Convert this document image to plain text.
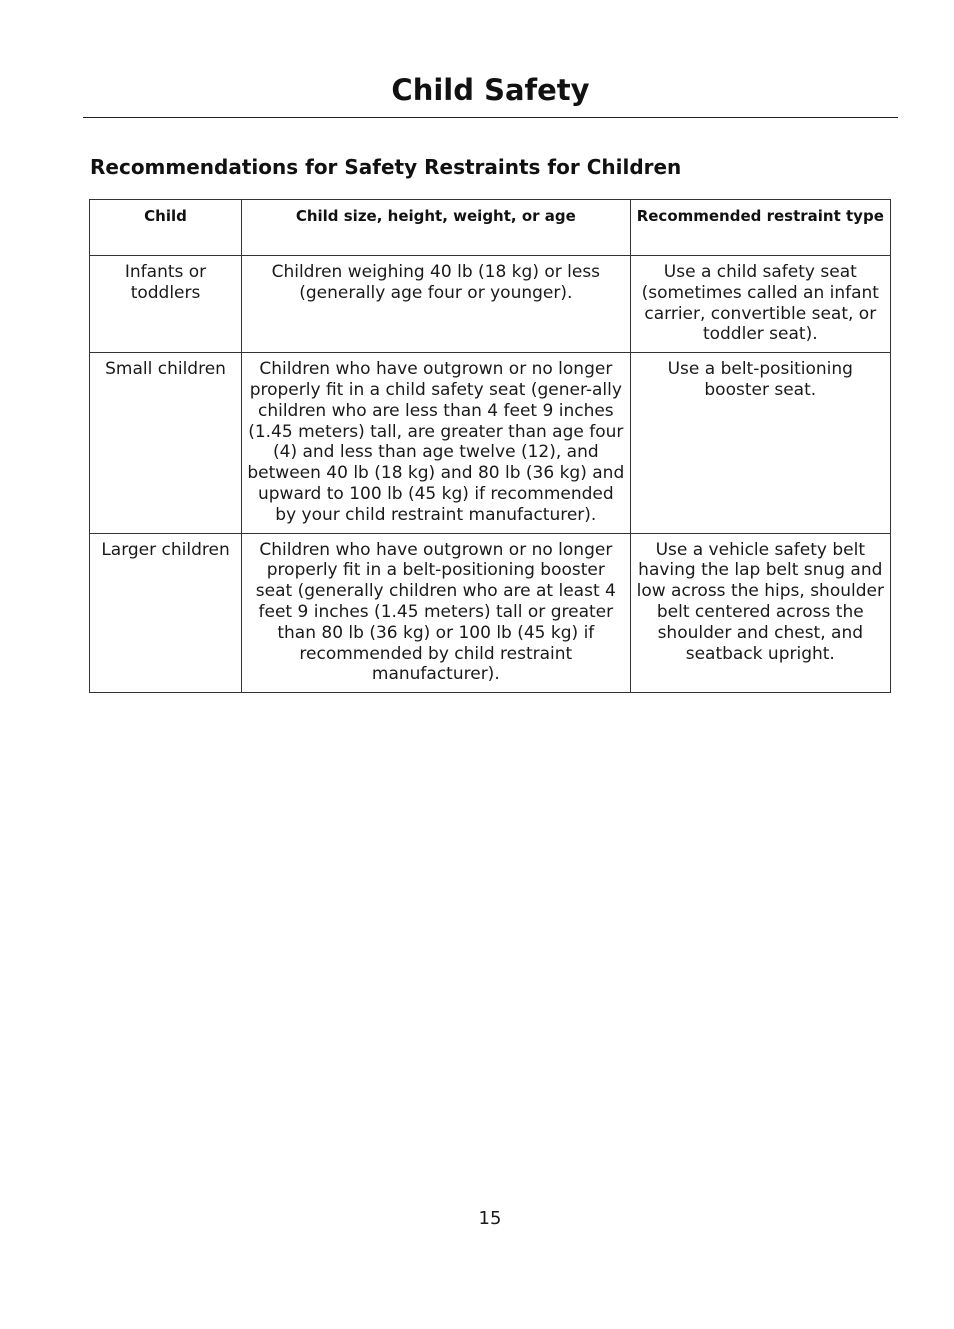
Child Safety
Recommendations for Safety Restraints for Children
Child	Child size, height, weight, or age	Recommended restraint type
Infants or toddlers	Children weighing 40 lb (18 kg) or less (generally age four or younger).	Use a child safety seat (sometimes called an infant carrier, convertible seat, or toddler seat).
Small children	Children who have outgrown or no longer properly fit in a child safety seat (gener-ally children who are less than 4 feet 9 inches (1.45 meters) tall, are greater than age four (4) and less than age twelve (12), and between 40 lb (18 kg) and 80 lb (36 kg) and upward to 100 lb (45 kg) if recommended by your child restraint manufacturer).	Use a belt-positioning booster seat.
Larger children	Children who have outgrown or no longer properly fit in a belt-positioning booster seat (generally children who are at least 4 feet 9 inches (1.45 meters) tall or greater than 80 lb (36 kg) or 100 lb (45 kg) if recommended by child restraint manufacturer).	Use a vehicle safety belt having the lap belt snug and low across the hips, shoulder belt centered across the shoulder and chest, and seatback upright.
15
